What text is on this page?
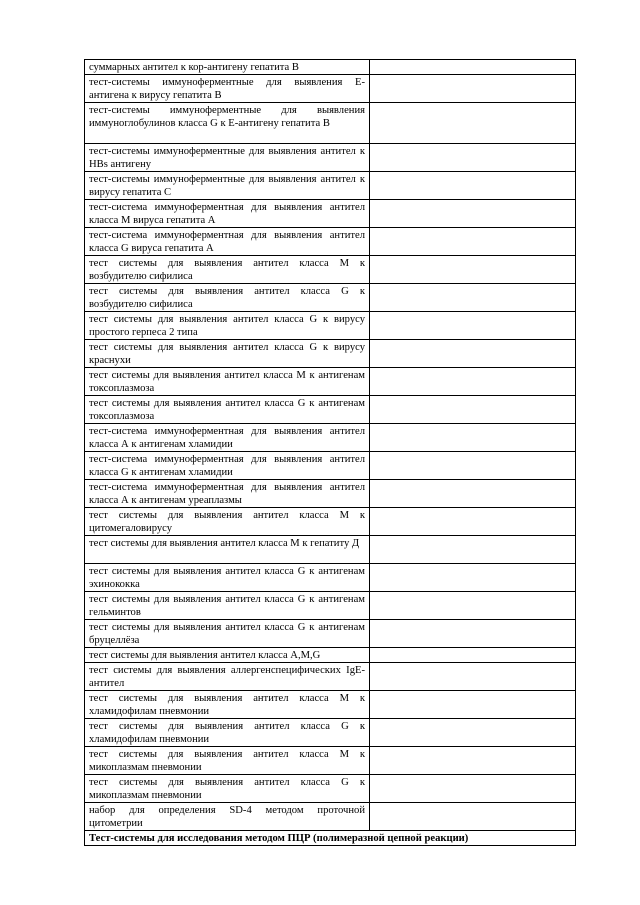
суммарных антител к кор-антигену гепатита В	
тест-системы иммуноферментные для выявления Е-антигена к вирусу гепатита В	
тест-системы иммуноферментные для выявления иммуноглобулинов класса G к Е-антигену гепатита В	
тест-системы иммуноферментные для выявления антител к HBs антигену	
тест-системы иммуноферментные для выявления антител к вирусу гепатита С	
тест-система иммуноферментная для выявления антител класса М вируса гепатита А	
тест-система иммуноферментная для выявления антител класса G вируса гепатита А	
тест системы для выявления антител класса М к возбудителю сифилиса	
тест системы для выявления антител класса G к возбудителю сифилиса	
тест системы для выявления антител класса G к вирусу простого герпеса 2 типа	
тест системы для выявления антител класса G к вирусу краснухи	
тест системы для выявления антител класса М к антигенам токсоплазмоза	
тест системы для выявления антител класса G к антигенам токсоплазмоза	
тест-система иммуноферментная для выявления антител класса А к антигенам хламидии	
тест-система иммуноферментная для выявления антител класса G к антигенам хламидии	
тест-система иммуноферментная для выявления антител класса А к антигенам уреаплазмы	
тест системы для выявления антител класса М к цитомегаловирусу	
тест системы для выявления антител класса М к гепатиту Д	
тест системы для выявления антител класса G к антигенам эхинококка	
тест системы для выявления антител класса G к антигенам гельминтов	
тест системы для выявления антител класса G к антигенам бруцеллёза	
тест системы для выявления антител класса А,М,G	
тест системы для выявления аллергенспецифических IgE-антител	
тест системы для выявления антител класса М к хламидофилам пневмонии	
тест системы для выявления антител класса G к хламидофилам пневмонии	
тест системы для выявления антител класса М к микоплазмам пневмонии	
тест системы для выявления антител класса G к микоплазмам пневмонии	
набор для определения SD-4 методом проточной цитометрии	
Тест-системы для исследования методом ПЦР (полимеразной цепной реакции)	
